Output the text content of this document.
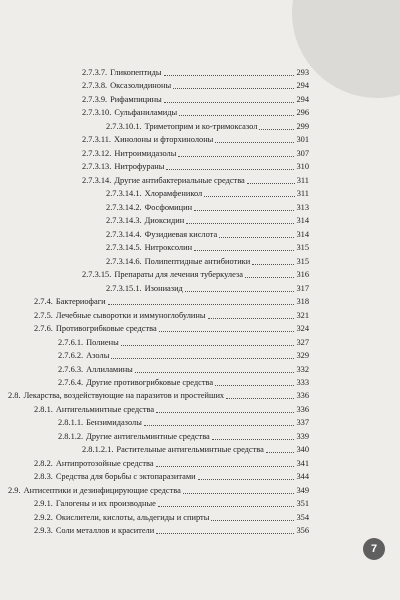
2.7.3.7. Гликопептиды	293
2.7.3.8. Оксазолидиноны	294
2.7.3.9. Рифампицины	294
2.7.3.10. Сульфаниламиды	296
2.7.3.10.1. Триметоприм и ко-тримоксазол	299
2.7.3.11. Хинолоны и фторхинолоны	301
2.7.3.12. Нитроимидазолы	307
2.7.3.13. Нитрофураны	310
2.7.3.14. Другие антибактериальные средства	311
2.7.3.14.1. Хлорамфеникол	311
2.7.3.14.2. Фосфомицин	313
2.7.3.14.3. Диоксидин	314
2.7.3.14.4. Фузидиевая кислота	314
2.7.3.14.5. Нитроксолин	315
2.7.3.14.6. Полипептидные антибиотики	315
2.7.3.15. Препараты для лечения туберкулеза	316
2.7.3.15.1. Изониазид	317
2.7.4. Бактериофаги	318
2.7.5. Лечебные сыворотки и иммуноглобулины	321
2.7.6. Противогрибковые средства	324
2.7.6.1. Полиены	327
2.7.6.2. Азолы	329
2.7.6.3. Аллиламины	332
2.7.6.4. Другие противогрибковые средства	333
2.8. Лекарства, воздействующие на паразитов и простейших	336
2.8.1. Антигельминтные средства	336
2.8.1.1. Бензимидазолы	337
2.8.1.2. Другие антигельминтные средства	339
2.8.1.2.1. Растительные антигельминтные средства	340
2.8.2. Антипротозойные средства	341
2.8.3. Средства для борьбы с эктопаразитами	344
2.9. Антисептики и дезинфицирующие средства	349
2.9.1. Галогены и их производные	351
2.9.2. Окислители, кислоты, альдегиды и спирты	354
2.9.3. Соли металлов и красители	356
7
